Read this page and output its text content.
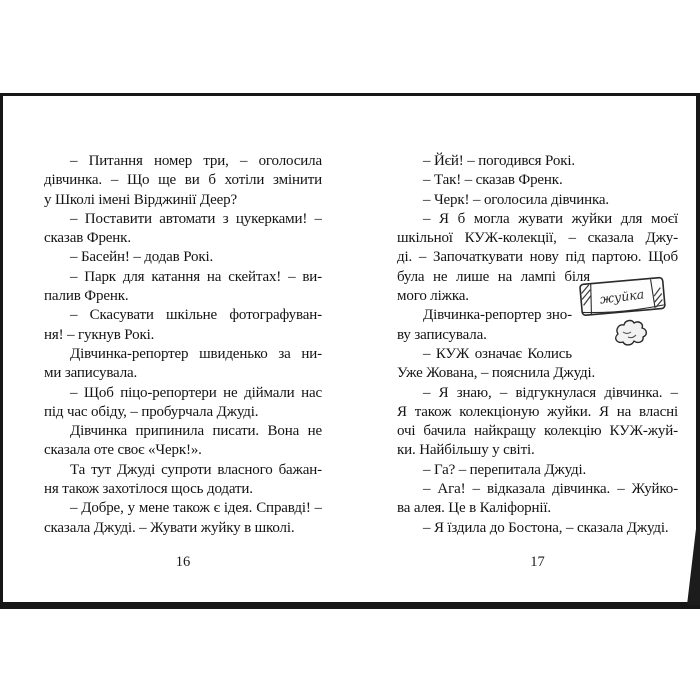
– Питання номер три, – оголосила
дівчинка. – Що ще ви б хотіли змінити
у Школі імені Вірджинії Деер?
– Поставити автомати з цукерками! –
сказав Френк.
– Басейн! – додав Рокі.
– Парк для катання на скейтах! – ви-
палив Френк.
– Скасувати шкільне фотографуван-
ня! – гукнув Рокі.
Дівчинка-репортер швиденько за ни-
ми записувала.
– Щоб піцо-репортери не діймали нас
під час обіду, – пробурчала Джуді.
Дівчинка припинила писати. Вона не
сказала оте своє «Черк!».
Та тут Джуді супроти власного бажан-
ня також захотілося щось додати.
– Добре, у мене також є ідея. Справді! –
сказала Джуді. – Жувати жуйку в школі.
– Йєй! – погодився Рокі.
– Так! – сказав Френк.
– Черк! – оголосила дівчинка.
– Я б могла жувати жуйки для моєї
шкільної КУЖ-колекції, – сказала Джу-
ді. – Започаткувати нову під партою. Щоб
була не лише на лампі біля
мого ліжка.
Дівчинка-репортер зно-
ву записувала.
– КУЖ означає Колись
Уже Жована, – пояснила Джуді.
– Я знаю, – відгукнулася дівчинка. –
Я також колекціоную жуйки. Я на власні
очі бачила найкращу колекцію КУЖ-жуй-
ки. Найбільшу у світі.
– Га? – перепитала Джуді.
– Ага! – відказала дівчинка. – Жуйко-
ва алея. Це в Каліфорнії.
– Я їздила до Бостона, – сказала Джуді.
16	17
жуйка
